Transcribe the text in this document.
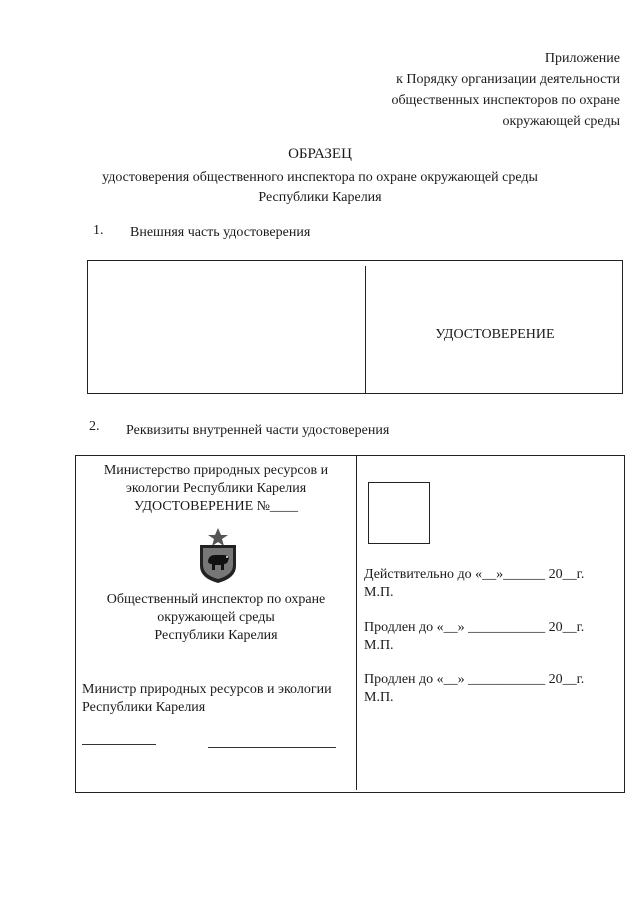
Приложение
к Порядку организации деятельности
общественных инспекторов по охране
окружающей среды
ОБРАЗЕЦ
удостоверения общественного инспектора по охране окружающей среды
Республики Карелия
1. Внешняя часть удостоверения
УДОСТОВЕРЕНИЕ
2. Реквизиты внутренней части удостоверения
Министерство природных ресурсов и
экологии Республики Карелия
УДОСТОВЕРЕНИЕ №____
Общественный инспектор по охране
окружающей среды
Республики Карелия
Министр природных ресурсов и экологии
Республики Карелия
Действительно до «__»______ 20__г.
М.П.
Продлен до «__» ___________ 20__г.
М.П.
Продлен до «__» ___________ 20__г.
М.П.
